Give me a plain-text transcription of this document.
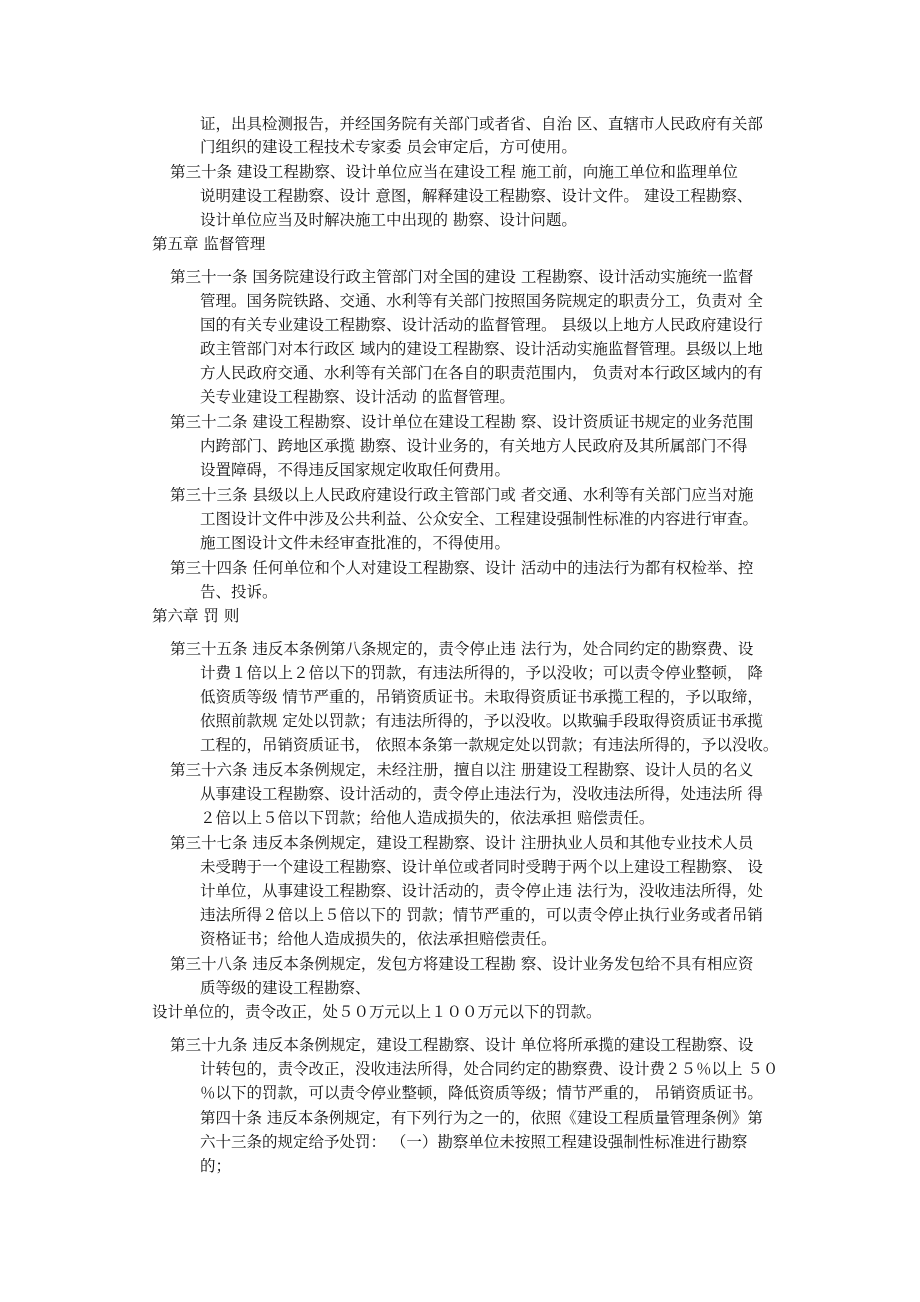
证，出具检测报告，并经国务院有关部门或者省、自治 区、直辖市人民政府有关部
门组织的建设工程技术专家委 员会审定后，方可使用。
第三十条 建设工程勘察、设计单位应当在建设工程 施工前，向施工单位和监理单位
说明建设工程勘察、设计 意图，解释建设工程勘察、设计文件。 建设工程勘察、
设计单位应当及时解决施工中出现的 勘察、设计问题。
第五章 监督管理
第三十一条 国务院建设行政主管部门对全国的建设 工程勘察、设计活动实施统一监督
管理。国务院铁路、交通、水利等有关部门按照国务院规定的职责分工，负责对 全
国的有关专业建设工程勘察、设计活动的监督管理。 县级以上地方人民政府建设行
政主管部门对本行政区 域内的建设工程勘察、设计活动实施监督管理。县级以上地
方人民政府交通、水利等有关部门在各自的职责范围内， 负责对本行政区域内的有
关专业建设工程勘察、设计活动 的监督管理。
第三十二条 建设工程勘察、设计单位在建设工程勘 察、设计资质证书规定的业务范围
内跨部门、跨地区承揽 勘察、设计业务的，有关地方人民政府及其所属部门不得
设置障碍，不得违反国家规定收取任何费用。
第三十三条 县级以上人民政府建设行政主管部门或 者交通、水利等有关部门应当对施
工图设计文件中涉及公共利益、公众安全、工程建设强制性标准的内容进行审查。
施工图设计文件未经审查批准的，不得使用。
第三十四条 任何单位和个人对建设工程勘察、设计 活动中的违法行为都有权检举、控
告、投诉。
第六章 罚 则
第三十五条 违反本条例第八条规定的，责令停止违 法行为，处合同约定的勘察费、设
计费１倍以上２倍以下的罚款，有违法所得的，予以没收；可以责令停业整顿， 降
低资质等级 情节严重的，吊销资质证书。未取得资质证书承揽工程的，予以取缔，
依照前款规 定处以罚款；有违法所得的，予以没收。以欺骗手段取得资质证书承揽
工程的，吊销资质证书， 依照本条第一款规定处以罚款；有违法所得的，予以没收。
第三十六条 违反本条例规定，未经注册，擅自以注 册建设工程勘察、设计人员的名义
从事建设工程勘察、设计活动的，责令停止违法行为，没收违法所得，处违法所 得
２倍以上５倍以下罚款；给他人造成损失的，依法承担 赔偿责任。
第三十七条 违反本条例规定，建设工程勘察、设计 注册执业人员和其他专业技术人员
未受聘于一个建设工程勘察、设计单位或者同时受聘于两个以上建设工程勘察、 设
计单位，从事建设工程勘察、设计活动的，责令停止违 法行为，没收违法所得，处
违法所得２倍以上５倍以下的 罚款；情节严重的，可以责令停止执行业务或者吊销
资格证书；给他人造成损失的，依法承担赔偿责任。
第三十八条 违反本条例规定，发包方将建设工程勘 察、设计业务发包给不具有相应资
质等级的建设工程勘察、
设计单位的，责令改正，处５０万元以上１００万元以下的罚款。
第三十九条 违反本条例规定，建设工程勘察、设计 单位将所承揽的建设工程勘察、设
计转包的，责令改正，没收违法所得，处合同约定的勘察费、设计费２５％以上 ５０
％以下的罚款，可以责令停业整顿，降低资质等级；情节严重的， 吊销资质证书。
第四十条 违反本条例规定，有下列行为之一的，依照《建设工程质量管理条例》第
六十三条的规定给予处罚： （一）勘察单位未按照工程建设强制性标准进行勘察
的；
